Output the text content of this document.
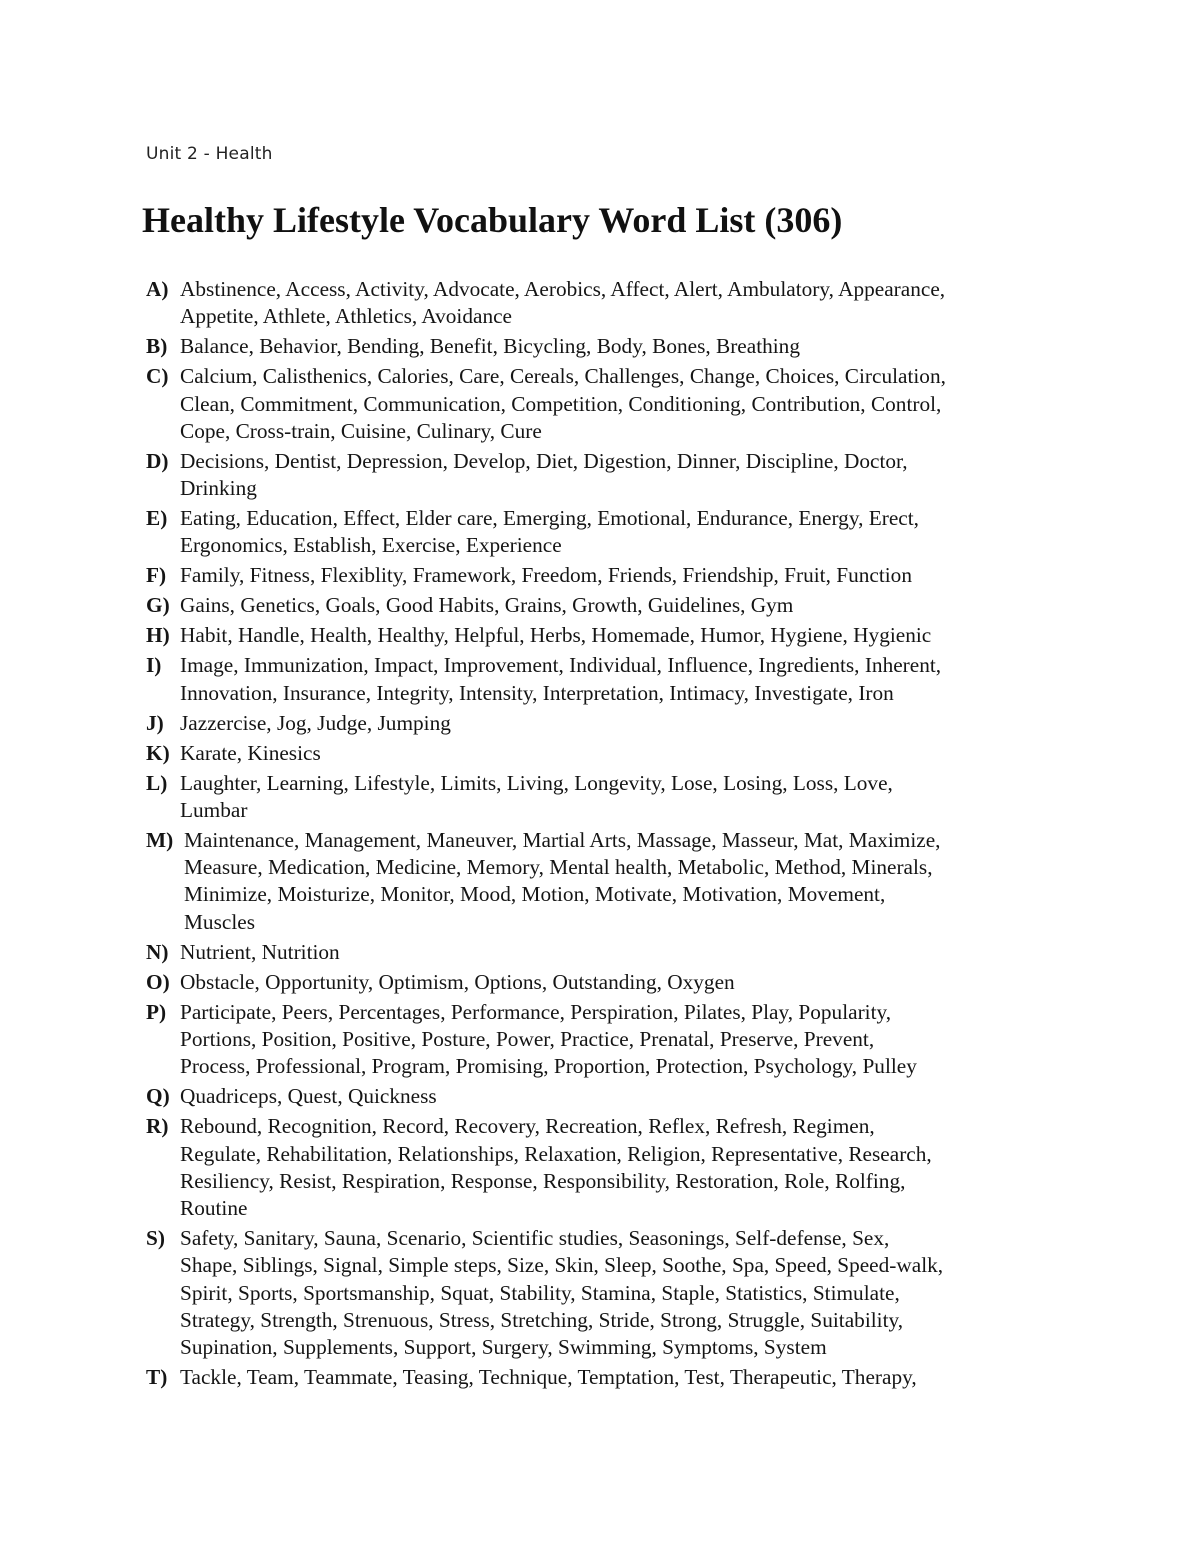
Unit 2 - Health
Healthy Lifestyle Vocabulary Word List (306)
A) Abstinence, Access, Activity, Advocate, Aerobics, Affect, Alert, Ambulatory, Appearance,
Appetite, Athlete, Athletics, Avoidance
B) Balance, Behavior, Bending, Benefit, Bicycling, Body, Bones, Breathing
C) Calcium, Calisthenics, Calories, Care, Cereals, Challenges, Change, Choices, Circulation,
Clean, Commitment, Communication, Competition, Conditioning, Contribution, Control,
Cope, Cross-train, Cuisine, Culinary, Cure
D) Decisions, Dentist, Depression, Develop, Diet, Digestion, Dinner, Discipline, Doctor,
Drinking
E) Eating, Education, Effect, Elder care, Emerging, Emotional, Endurance, Energy, Erect,
Ergonomics, Establish, Exercise, Experience
F) Family, Fitness, Flexiblity, Framework, Freedom, Friends, Friendship, Fruit, Function
G) Gains, Genetics, Goals, Good Habits, Grains, Growth, Guidelines, Gym
H) Habit, Handle, Health, Healthy, Helpful, Herbs, Homemade, Humor, Hygiene, Hygienic
I) Image, Immunization, Impact, Improvement, Individual, Influence, Ingredients, Inherent,
Innovation, Insurance, Integrity, Intensity, Interpretation, Intimacy, Investigate, Iron
J) Jazzercise, Jog, Judge, Jumping
K) Karate, Kinesics
L) Laughter, Learning, Lifestyle, Limits, Living, Longevity, Lose, Losing, Loss, Love,
Lumbar
M) Maintenance, Management, Maneuver, Martial Arts, Massage, Masseur, Mat, Maximize,
Measure, Medication, Medicine, Memory, Mental health, Metabolic, Method, Minerals,
Minimize, Moisturize, Monitor, Mood, Motion, Motivate, Motivation, Movement,
Muscles
N) Nutrient, Nutrition
O) Obstacle, Opportunity, Optimism, Options, Outstanding, Oxygen
P) Participate, Peers, Percentages, Performance, Perspiration, Pilates, Play, Popularity,
Portions, Position, Positive, Posture, Power, Practice, Prenatal, Preserve, Prevent,
Process, Professional, Program, Promising, Proportion, Protection, Psychology, Pulley
Q) Quadriceps, Quest, Quickness
R) Rebound, Recognition, Record, Recovery, Recreation, Reflex, Refresh, Regimen,
Regulate, Rehabilitation, Relationships, Relaxation, Religion, Representative, Research,
Resiliency, Resist, Respiration, Response, Responsibility, Restoration, Role, Rolfing,
Routine
S) Safety, Sanitary, Sauna, Scenario, Scientific studies, Seasonings, Self-defense, Sex,
Shape, Siblings, Signal, Simple steps, Size, Skin, Sleep, Soothe, Spa, Speed, Speed-walk,
Spirit, Sports, Sportsmanship, Squat, Stability, Stamina, Staple, Statistics, Stimulate,
Strategy, Strength, Strenuous, Stress, Stretching, Stride, Strong, Struggle, Suitability,
Supination, Supplements, Support, Surgery, Swimming, Symptoms, System
T) Tackle, Team, Teammate, Teasing, Technique, Temptation, Test, Therapeutic, Therapy,
